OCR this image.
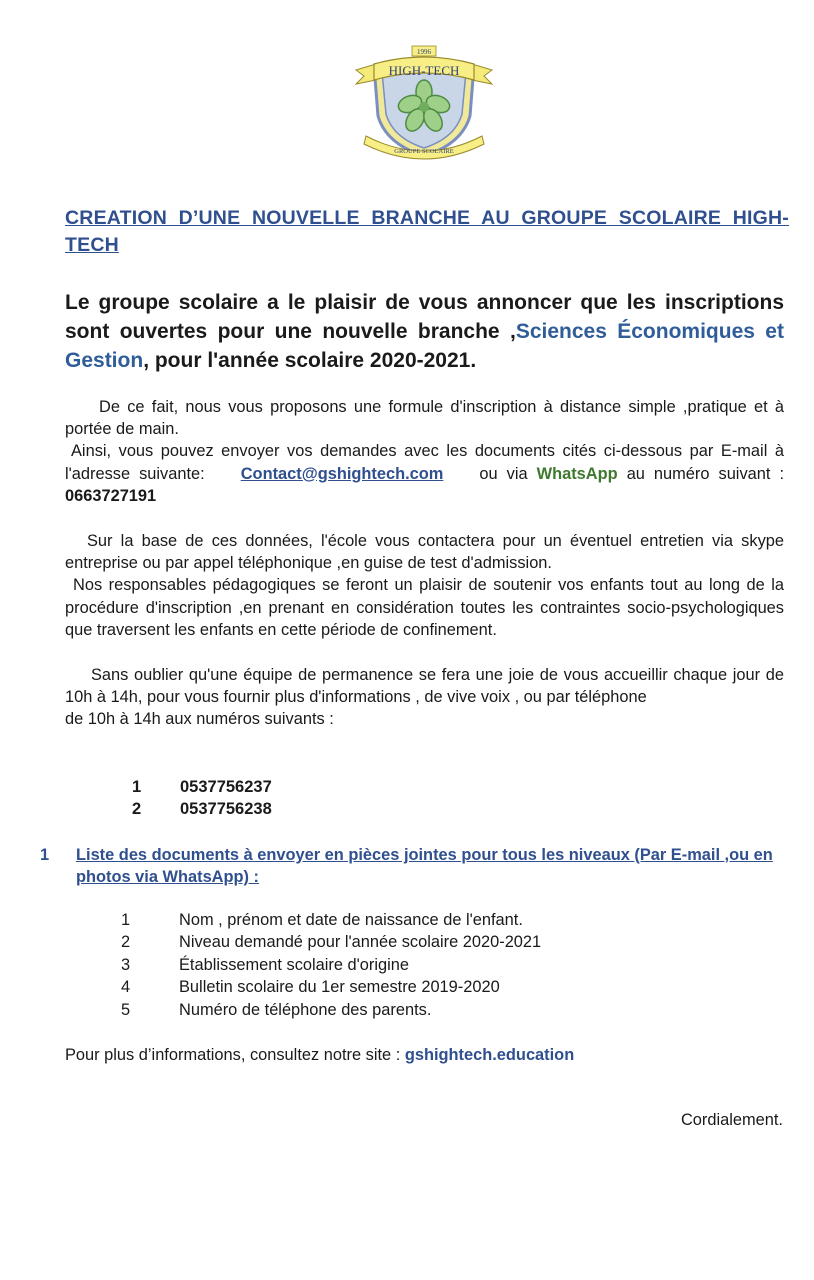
HIGH-TECH
1996
GROUPE SCOLAIRE
CREATION D’UNE NOUVELLE BRANCHE AU GROUPE SCOLAIRE HIGH-TECH
Le groupe scolaire a le plaisir de vous annoncer que les inscriptions sont ouvertes pour une nouvelle branche ,Sciences Économiques et Gestion, pour l'année scolaire 2020-2021.
De ce fait, nous vous proposons une formule d'inscription à distance simple ,pratique et à portée de main.
Ainsi, vous pouvez envoyer vos demandes avec les documents cités ci-dessous par E-mail à l'adresse suivante: Contact@gshightech.com ou via WhatsApp au numéro suivant : 0663727191
Sur la base de ces données, l'école vous contactera pour un éventuel entretien via skype entreprise ou par appel téléphonique ,en guise de test d'admission.
Nos responsables pédagogiques se feront un plaisir de soutenir vos enfants tout au long de la procédure d'inscription ,en prenant en considération toutes les contraintes socio-psychologiques que traversent les enfants en cette période de confinement.
Sans oublier qu'une équipe de permanence se fera une joie de vous accueillir chaque jour de 10h à 14h, pour vous fournir plus d'informations , de vive voix , ou par téléphone
de 10h à 14h aux numéros suivants :
1	0537756237
2	0537756238
1	Liste des documents à envoyer en pièces jointes pour tous les niveaux (Par E-mail ,ou en photos via WhatsApp) :
1	Nom , prénom et date de naissance de l'enfant.
2	Niveau demandé pour l'année scolaire 2020-2021
3	Établissement scolaire d'origine
4	Bulletin scolaire du 1er semestre 2019-2020
5	Numéro de téléphone des parents.
Pour plus d’informations, consultez notre site : gshightech.education
Cordialement.
